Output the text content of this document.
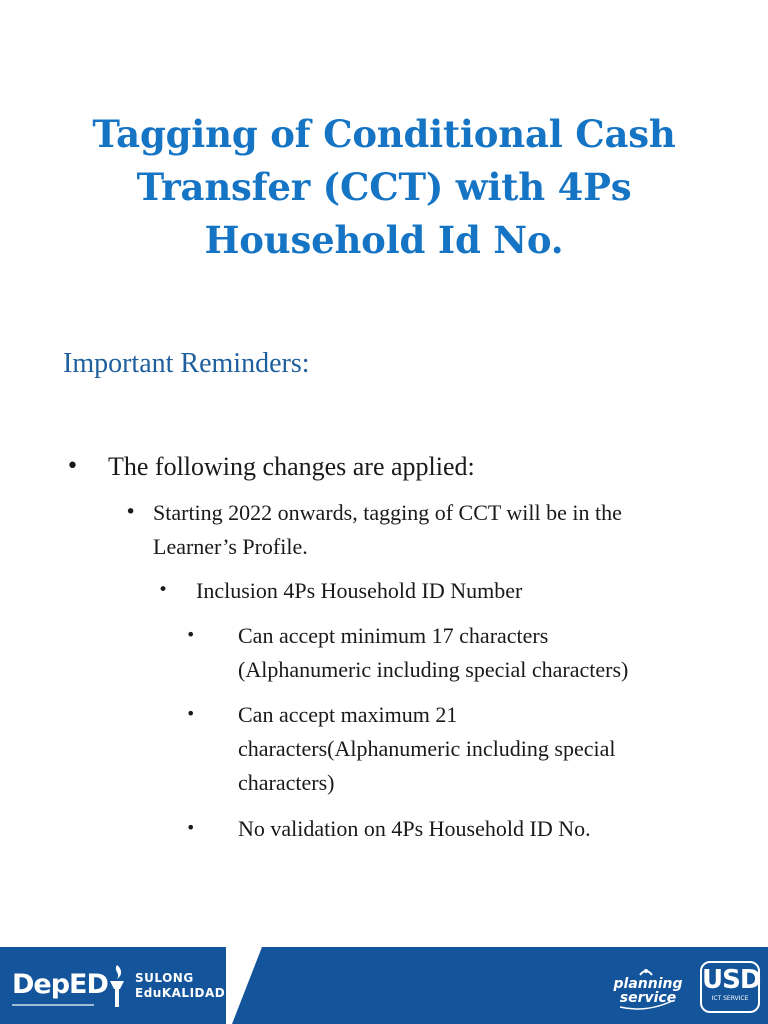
Tagging of Conditional Cash
Transfer (CCT) with 4Ps
Household Id No.
Important Reminders:
• The following changes are applied:
• Starting 2022 onwards, tagging of CCT will be in the Learner’s Profile.
• Inclusion 4Ps Household ID Number
• Can accept minimum 17 characters (Alphanumeric including special characters)
• Can accept maximum 21 characters(Alphanumeric including special characters)
• No validation on 4Ps Household ID No.
DepED SULONG
EduKALIDAD
planning
service
USD
ICT SERVICE
